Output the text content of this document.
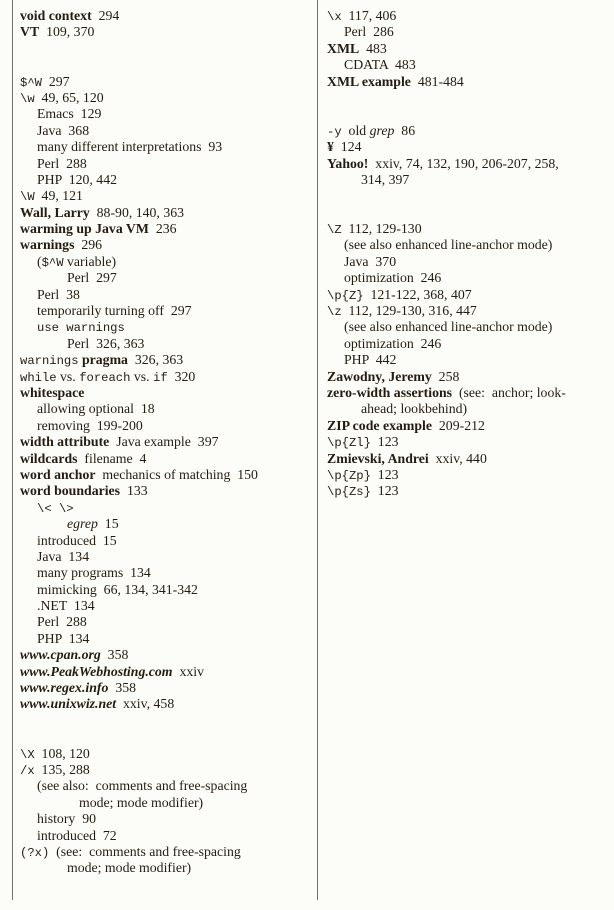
void context  294
VT  109, 370
$^W  297
\w  49, 65, 120
Emacs  129
Java  368
many different interpretations  93
Perl  288
PHP  120, 442
\W  49, 121
Wall, Larry  88-90, 140, 363
warming up Java VM  236
warnings  296
($^W variable)
Perl  297
Perl  38
temporarily turning off  297
use warnings
Perl  326, 363
warnings pragma  326, 363
while vs. foreach vs. if  320
whitespace
allowing optional  18
removing  199-200
width attribute  Java example  397
wildcards  filename  4
word anchor  mechanics of matching  150
word boundaries  133
\< \>
egrep  15
introduced  15
Java  134
many programs  134
mimicking  66, 134, 341-342
.NET  134
Perl  288
PHP  134
www.cpan.org  358
www.PeakWebhosting.com  xxiv
www.regex.info  358
www.unixwiz.net  xxiv, 458
\X  108, 120
/x  135, 288
(see also:  comments and free-spacing
mode; mode modifier)
history  90
introduced  72
(?x)  (see:  comments and free-spacing
mode; mode modifier)
\x  117, 406
Perl  286
XML  483
CDATA  483
XML example  481-484
-y  old grep  86
¥  124
Yahoo!  xxiv, 74, 132, 190, 206-207, 258,
314, 397
\Z  112, 129-130
(see also enhanced line-anchor mode)
Java  370
optimization  246
\p{Z}  121-122, 368, 407
\z  112, 129-130, 316, 447
(see also enhanced line-anchor mode)
optimization  246
PHP  442
Zawodny, Jeremy  258
zero-width assertions  (see:  anchor; look-
ahead; lookbehind)
ZIP code example  209-212
\p{Zl}  123
Zmievski, Andrei  xxiv, 440
\p{Zp}  123
\p{Zs}  123
